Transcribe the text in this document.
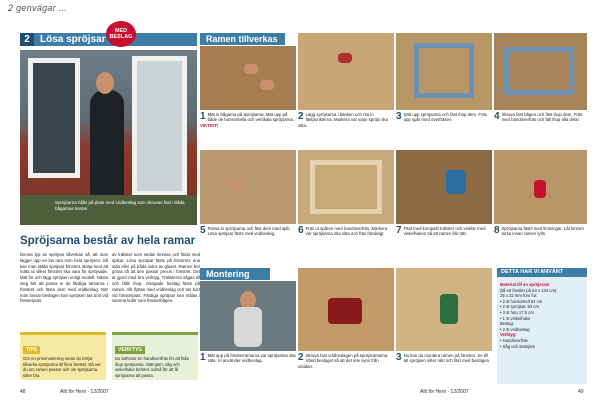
2 genvägar ...
2	Lösa spröjsar
MED
BESLAG
Spröjsarna hålls på plats med vridbeslag som skruvas fast i båda bågarnas kanter.
Spröjsarna består av hela ramar
Denna typ av spröjsar tillverkas så, att man lägger upp en lös ram som hela spröjsen. Så kan man ställa spröjsar fönstret. Börja med att mäta ut vilket fönstret ska vara för spröjsade. Mät för och lägg spröjsen enligt modell. Nästa steg blir att passa in de färdiga ramarna i fönstret och fästa dem med vridbeslag. När man lossar beslagen kan spröjsen tas bort vid fönsterputs.
av trälister som sedan limmas och fästs med spikar. Lösa spröjsar fästs på fönstrets ena sida eller på båda sidor av glaset. Ramen bör göras så att den passar precis i fönstret. Det är gjord med bra verktyg. Trälisterna sågas till och fälls ihop. Gängade beslag fästs på ramen. Allt flyttas med vridbeslag och tas bort vid fönsterputs. Färdiga spröjsar kan målas i samma kulör som fönsterbågen.
TIPS
Gör en provmontering innan du börjar tillverka spröjsarna till flera fönster. Då ser du om ramen passar och om spröjsarna sitter bra.
VERKTYG
Du behöver en handöverfräs för att fälla ihop spröjsarna. Stämjärn, såg och vinkelhake behövs också för att få spröjsarna att passa.
48	Allt för Hem · 12/2007
Ramen tillverkas
1 Mät in bågarna på spröjsarna. Mät upp på både de horisontella och vertikala spröjsarna. VIKTIGT!
2 Lägg spröjsarna i bänken och rita in fästpunkterna. Markera var varje spröjs ska sitta.
3 Sätt upp spröjsarna och fäst ihop dem. Fräs upp spår med överfräsen.	4 Skruva fast bågen och fäst ihop dem. Fräs med handöverfräs och fäll ihop alla delar.
5 Passa in spröjsarna och fäst dem med spik. Lösa spröjsar fästs med vridbeslag.	6 Fräs ut spåren med handöverfräs. Markera var spröjsarna ska sitta och fräs försiktigt.	7 Fäst med kompakt trälister och vinklar med vinkelhaken så att ramen blir rätt.	8 Spröjsarna fästs med limtvingar. Låt limmet torka innan ramen lyfts.
Montering
1 Mät upp på fönsterramarna var spröjsarna ska sitta. Vi använder vridbeslag.	2 Skruva fast vridbeslagen på spröjsramarna. Vänd beslaget så att det inte syns från utsidan.
3 Nu kan du montera ramen på fönstret. Se till att spröjsen sitter rakt och fäst med beslagen.
Material till en spröjsram
(till ett fönster på 54 x 134 cm):
15 x 22 mm furu fur:
• 2 st horisontell 54 cm
• 2 st spröjsar, 93 cm
• 3 st furu 17,5 cm
• 1 st vinkelhake
Beslag:
• 2 st vridbeslag
Verktyg:
• Handöverfräs
• Såg och stämjärn
DETTA HAR VI ANVÄNT
Allt för Hem · 12/2007	49
